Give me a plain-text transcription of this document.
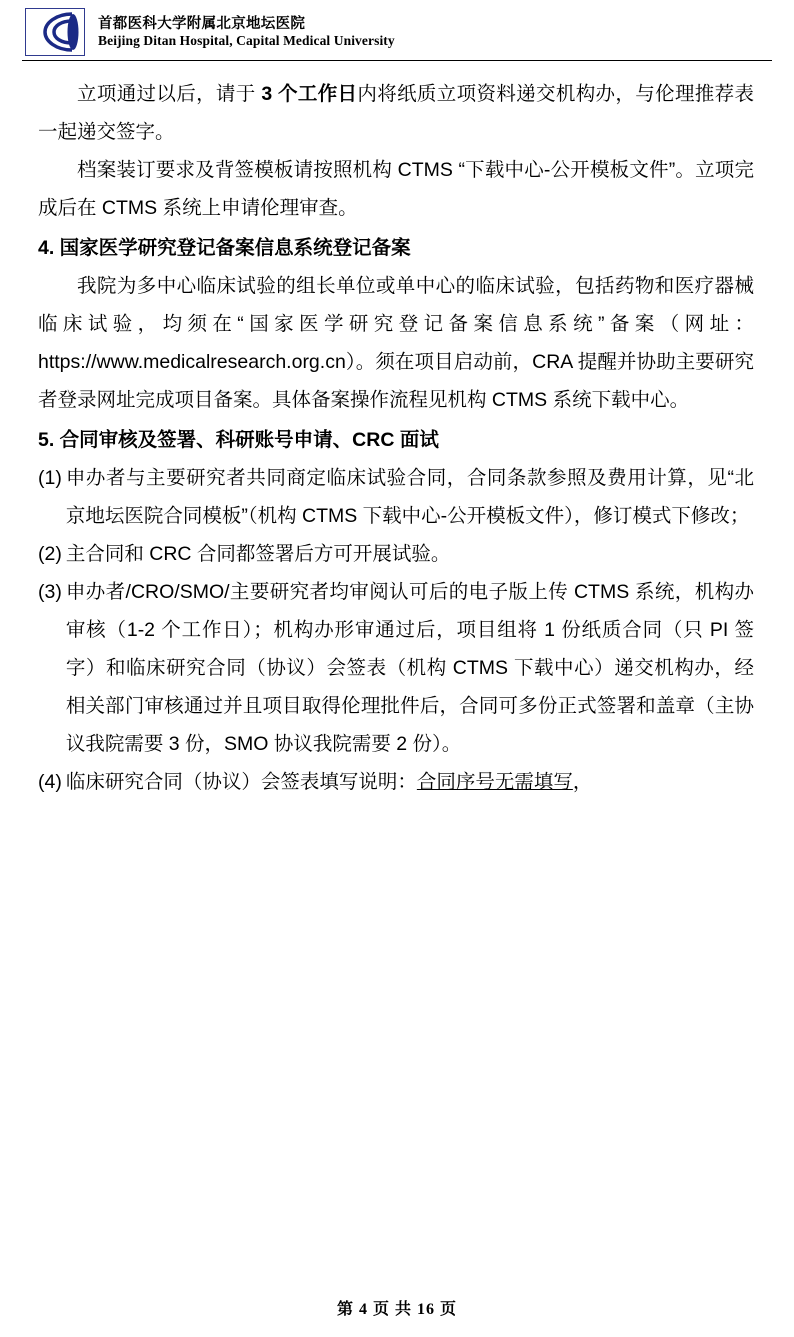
首都医科大学附属北京地坛医院
Beijing Ditan Hospital, Capital Medical University

立项通过以后，请于 3 个工作日内将纸质立项资料递交机构办，与伦理推荐表一起递交签字。

档案装订要求及背签模板请按照机构 CTMS “下载中心-公开模板文件”。立项完成后在 CTMS 系统上申请伦理审查。

4. 国家医学研究登记备案信息系统登记备案

我院为多中心临床试验的组长单位或单中心的临床试验，包括药物和医疗器械临床试验，均须在“国家医学研究登记备案信息系统”备案（网址：https://www.medicalresearch.org.cn）。须在项目启动前，CRA 提醒并协助主要研究者登录网址完成项目备案。具体备案操作流程见机构 CTMS 系统下载中心。

5. 合同审核及签署、科研账号申请、CRC 面试

(1) 申办者与主要研究者共同商定临床试验合同，合同条款参照及费用计算，见“北京地坛医院合同模板”（机构 CTMS 下载中心-公开模板文件），修订模式下修改；
(2) 主合同和 CRC 合同都签署后方可开展试验。
(3) 申办者/CRO/SMO/主要研究者均审阅认可后的电子版上传 CTMS 系统，机构办审核（1-2 个工作日）；机构办形审通过后，项目组将 1 份纸质合同（只 PI 签字）和临床研究合同（协议）会签表（机构 CTMS 下载中心）递交机构办，经相关部门审核通过并且项目取得伦理批件后，合同可多份正式签署和盖章（主协议我院需要 3 份，SMO 协议我院需要 2 份）。
(4) 临床研究合同（协议）会签表填写说明：合同序号无需填写，
第 4 页 共 16 页
